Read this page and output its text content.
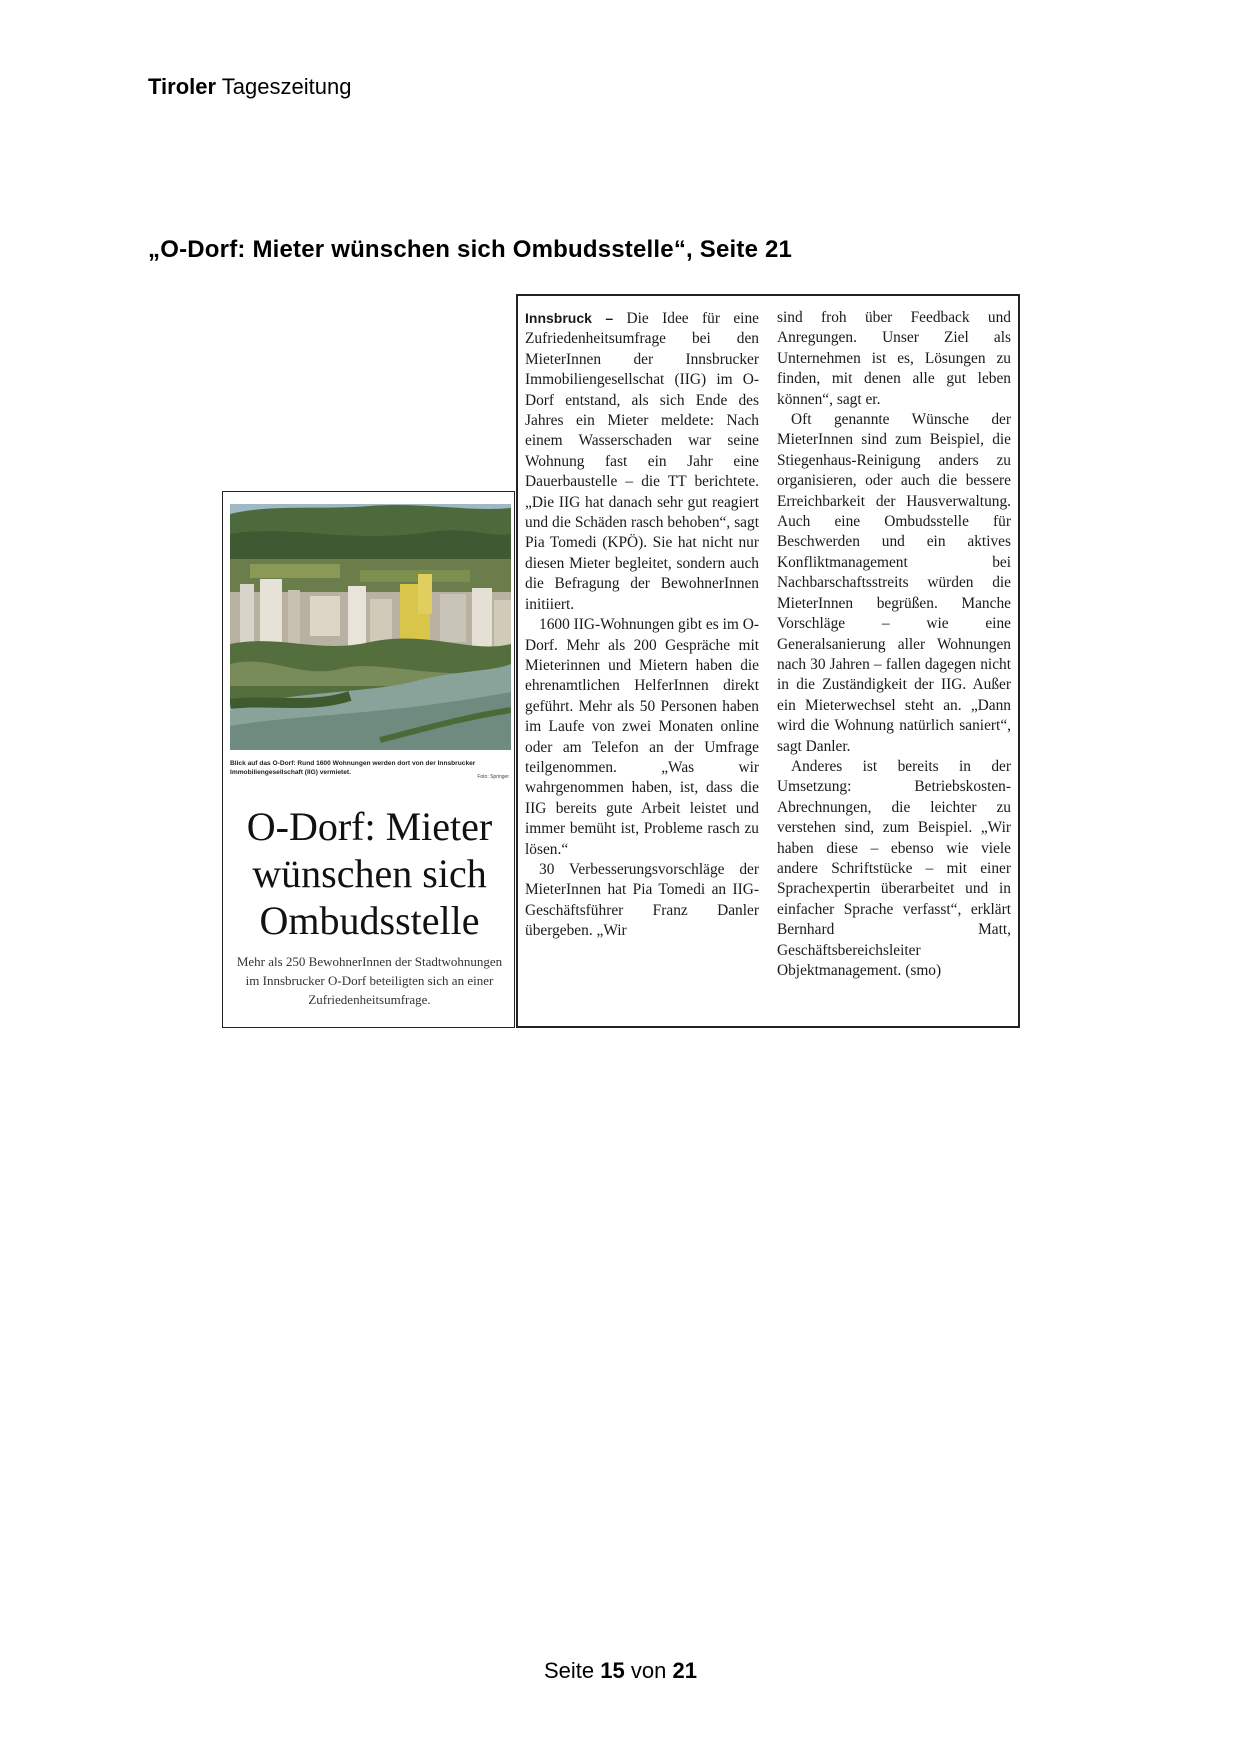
Tiroler Tageszeitung
„O-Dorf: Mieter wünschen sich Ombudsstelle“, Seite 21
Blick auf das O-Dorf: Rund 1600 Wohnungen werden dort von der Innsbrucker Immobiliengesellschaft (IIG) vermietet.
Foto: Springer
O-Dorf: Mieter wünschen sich Ombudsstelle
Mehr als 250 BewohnerInnen der Stadtwohnungen im Innsbrucker O-Dorf beteiligten sich an einer Zufriedenheitsumfrage.

Innsbruck – Die Idee für eine Zufriedenheitsumfrage bei den MieterInnen der Innsbrucker Immobiliengesellschat (IIG) im O-Dorf entstand, als sich Ende des Jahres ein Mieter meldete: Nach einem Wasserschaden war seine Wohnung fast ein Jahr eine Dauerbaustelle – die TT berichtete. „Die IIG hat danach sehr gut reagiert und die Schäden rasch behoben“, sagt Pia Tomedi (KPÖ). Sie hat nicht nur diesen Mieter begleitet, sondern auch die Befragung der BewohnerInnen initiiert.

1600 IIG-Wohnungen gibt es im O-Dorf. Mehr als 200 Gespräche mit Mieterinnen und Mietern haben die ehrenamtlichen HelferInnen direkt geführt. Mehr als 50 Personen haben im Laufe von zwei Monaten online oder am Telefon an der Umfrage teilgenommen. „Was wir wahrgenommen haben, ist, dass die IIG bereits gute Arbeit leistet und immer bemüht ist, Probleme rasch zu lösen.“

30 Verbesserungsvorschläge der MieterInnen hat Pia Tomedi an IIG-Geschäftsführer Franz Danler übergeben. „Wir

sind froh über Feedback und Anregungen. Unser Ziel als Unternehmen ist es, Lösungen zu finden, mit denen alle gut leben können“, sagt er.

Oft genannte Wünsche der MieterInnen sind zum Beispiel, die Stiegenhaus-Reinigung anders zu organisieren, oder auch die bessere Erreichbarkeit der Hausverwaltung. Auch eine Ombudsstelle für Beschwerden und ein aktives Konfliktmanagement bei Nachbarschaftsstreits würden die MieterInnen begrüßen. Manche Vorschläge – wie eine Generalsanierung aller Wohnungen nach 30 Jahren – fallen dagegen nicht in die Zuständigkeit der IIG. Außer ein Mieterwechsel steht an. „Dann wird die Wohnung natürlich saniert“, sagt Danler.

Anderes ist bereits in der Umsetzung: Betriebskosten-Abrechnungen, die leichter zu verstehen sind, zum Beispiel. „Wir haben diese – ebenso wie viele andere Schriftstücke – mit einer Sprachexpertin überarbeitet und in einfacher Sprache verfasst“, erklärt Bernhard Matt, Geschäftsbereichsleiter Objektmanagement. (smo)

Seite 15 von 21
